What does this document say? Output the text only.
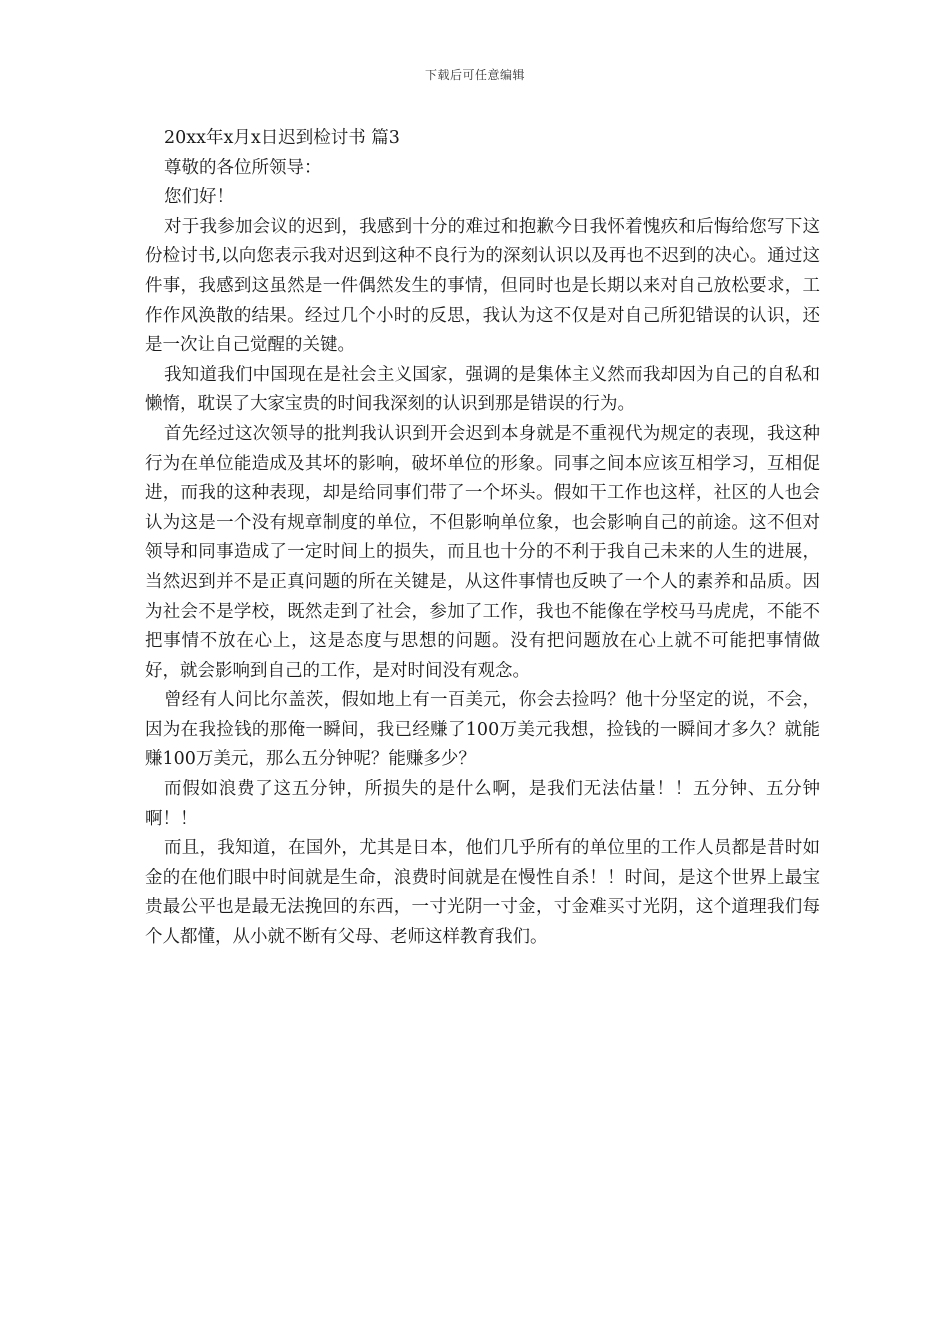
下载后可任意编辑

20xx年x月x日迟到检讨书 篇3

尊敬的各位所领导：

您们好！

对于我参加会议的迟到，我感到十分的难过和抱歉今日我怀着愧疚和后悔给您写下这份检讨书,以向您表示我对迟到这种不良行为的深刻认识以及再也不迟到的决心。通过这件事，我感到这虽然是一件偶然发生的事情，但同时也是长期以来对自己放松要求，工作作风涣散的结果。经过几个小时的反思，我认为这不仅是对自己所犯错误的认识，还是一次让自己觉醒的关键。

我知道我们中国现在是社会主义国家，强调的是集体主义然而我却因为自己的自私和懒惰，耽误了大家宝贵的时间我深刻的认识到那是错误的行为。

首先经过这次领导的批判我认识到开会迟到本身就是不重视代为规定的表现，我这种行为在单位能造成及其坏的影响，破坏单位的形象。同事之间本应该互相学习，互相促进，而我的这种表现，却是给同事们带了一个坏头。假如干工作也这样，社区的人也会认为这是一个没有规章制度的单位，不但影响单位象，也会影响自己的前途。这不但对领导和同事造成了一定时间上的损失，而且也十分的不利于我自己未来的人生的进展，当然迟到并不是正真问题的所在关键是，从这件事情也反映了一个人的素养和品质。因为社会不是学校，既然走到了社会，参加了工作，我也不能像在学校马马虎虎，不能不把事情不放在心上，这是态度与思想的问题。没有把问题放在心上就不可能把事情做好，就会影响到自己的工作，是对时间没有观念。

曾经有人问比尔盖茨，假如地上有一百美元，你会去捡吗？他十分坚定的说，不会，因为在我捡钱的那俺一瞬间，我已经赚了100万美元我想，捡钱的一瞬间才多久？就能赚100万美元，那么五分钟呢？能赚多少？

而假如浪费了这五分钟，所损失的是什么啊，是我们无法估量！！五分钟、五分钟啊！！

而且，我知道，在国外，尤其是日本，他们几乎所有的单位里的工作人员都是昔时如金的在他们眼中时间就是生命，浪费时间就是在慢性自杀！！时间，是这个世界上最宝贵最公平也是最无法挽回的东西，一寸光阴一寸金，寸金难买寸光阴，这个道理我们每个人都懂，从小就不断有父母、老师这样教育我们。
